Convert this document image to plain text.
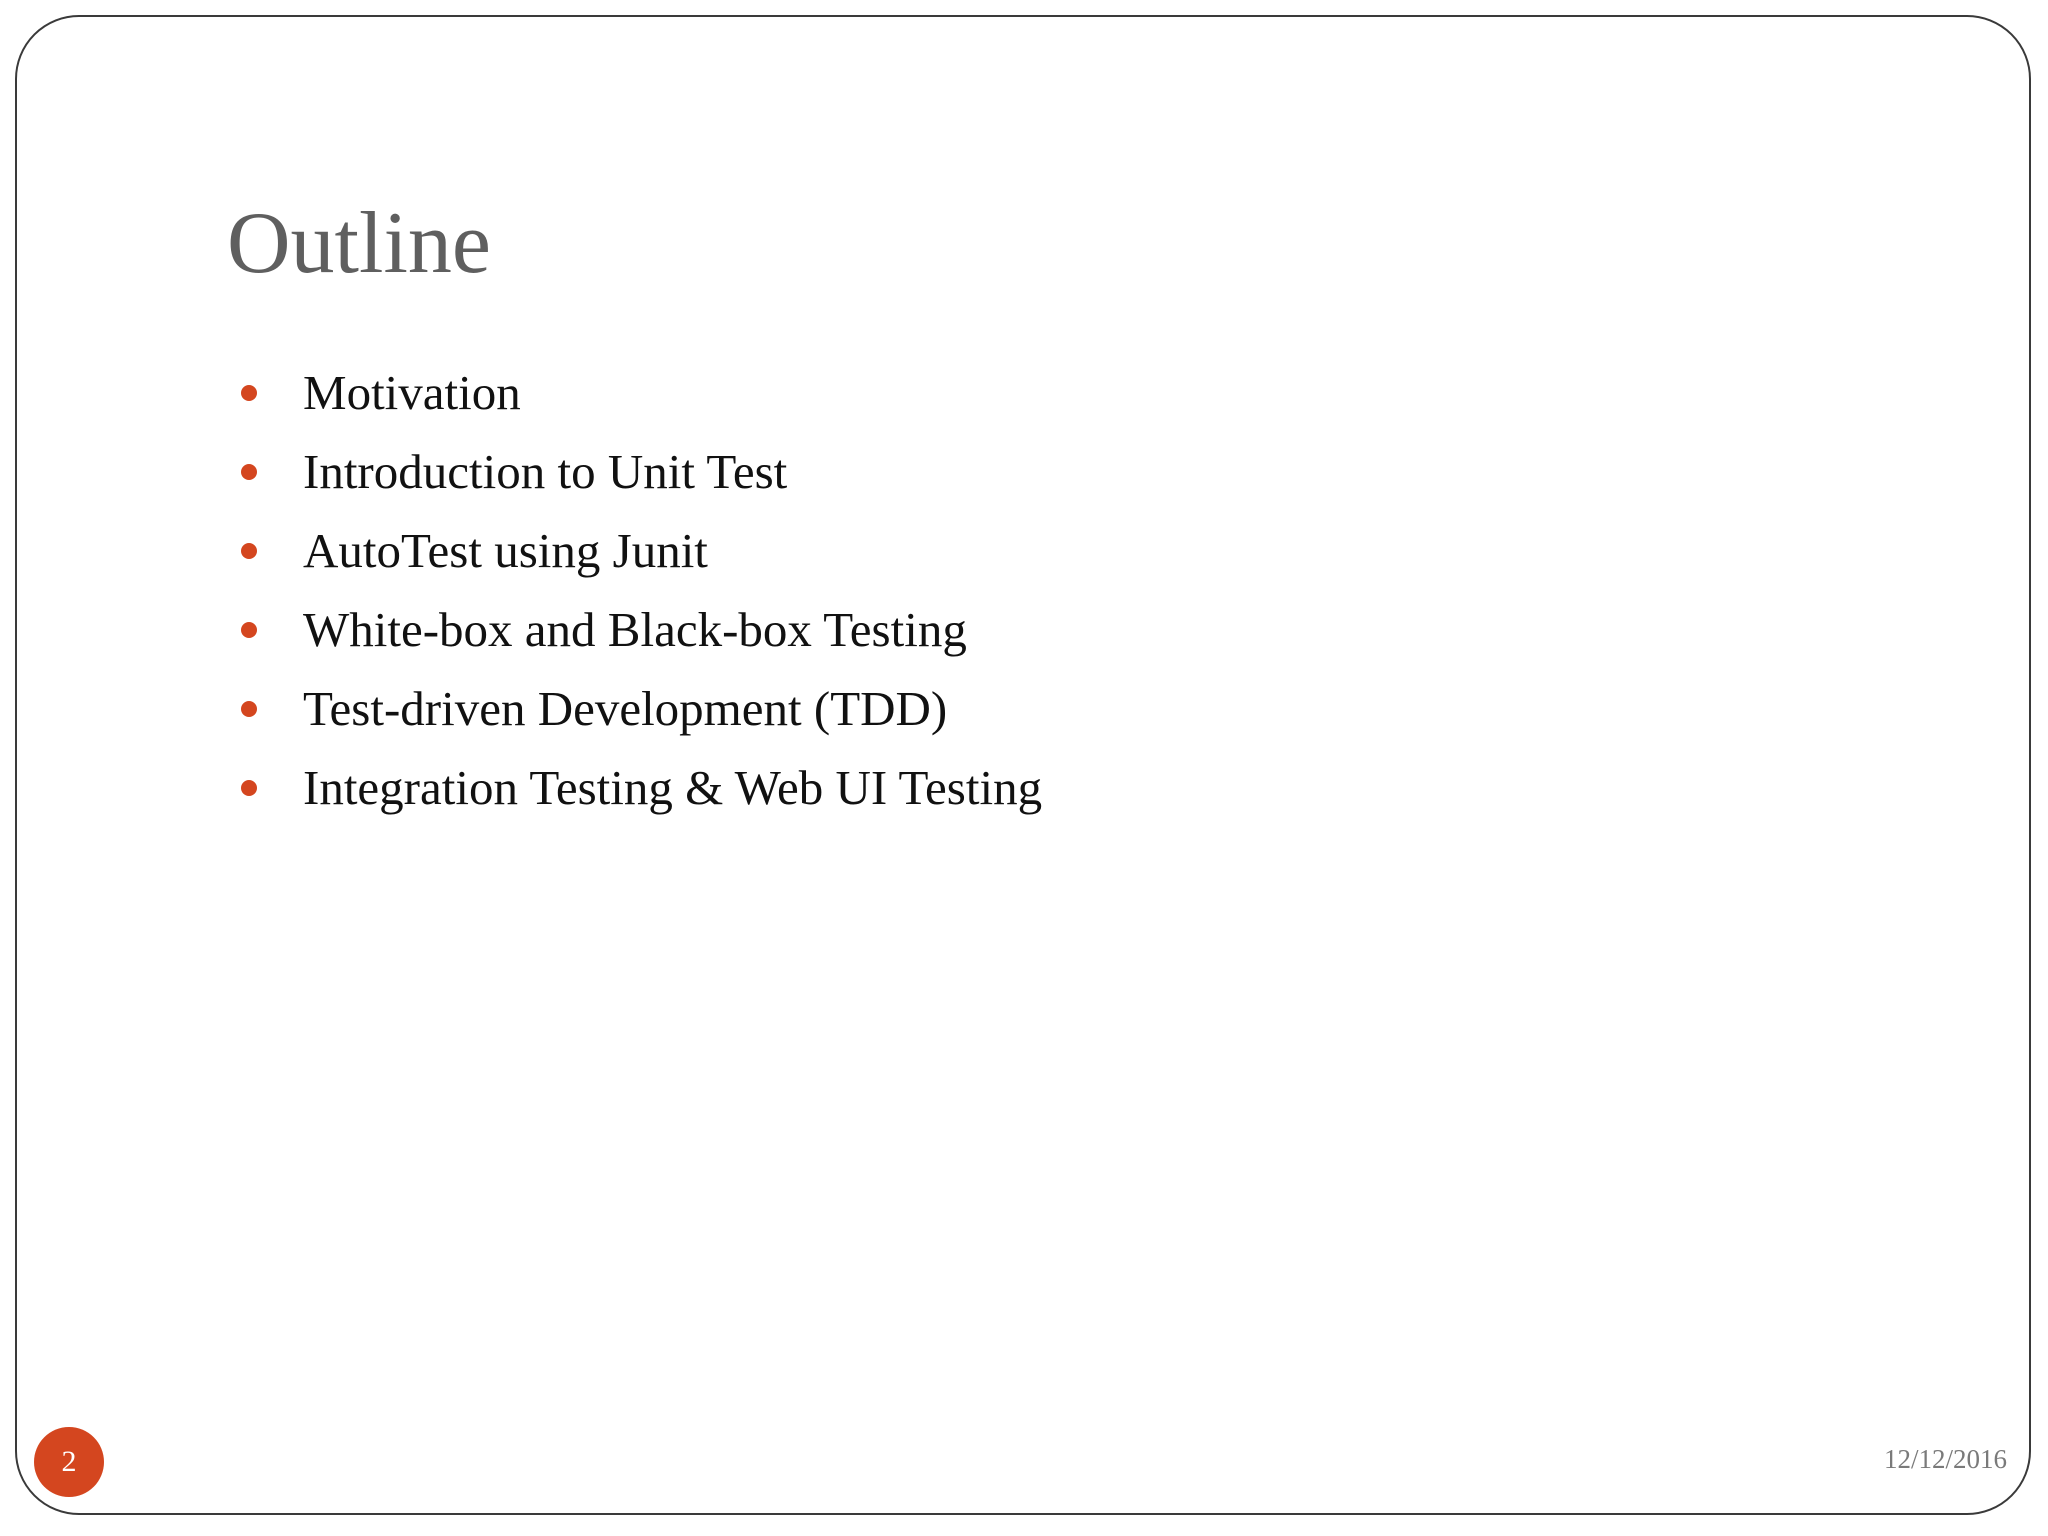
Outline
Motivation
Introduction to Unit Test
AutoTest using Junit
White-box and Black-box Testing
Test-driven Development (TDD)
Integration Testing & Web UI Testing
2	12/12/2016
